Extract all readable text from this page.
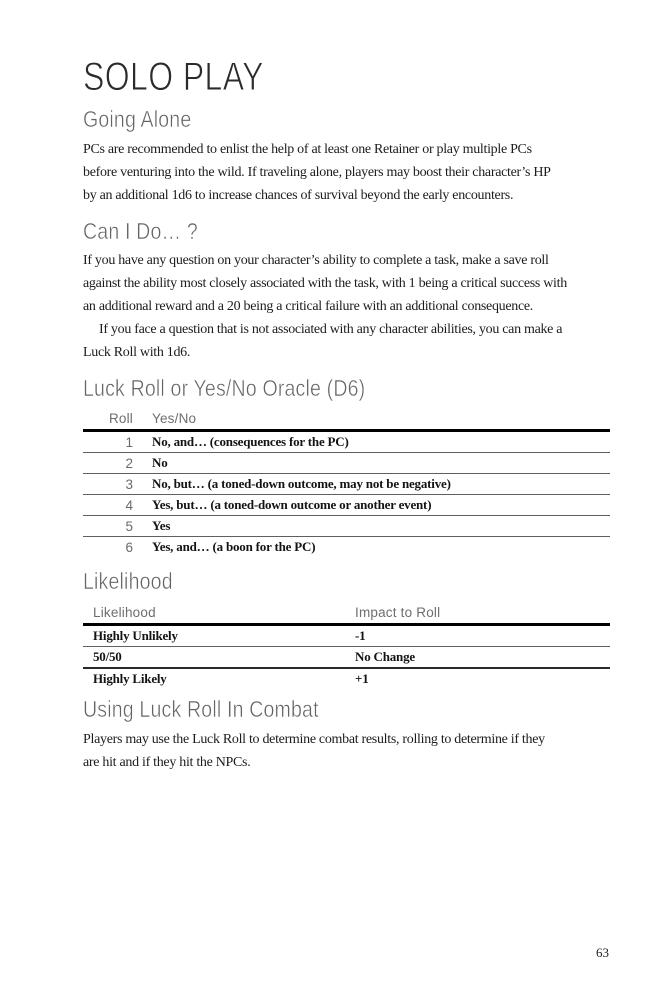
SOLO PLAY
Going Alone
PCs are recommended to enlist the help of at least one Retainer or play multiple PCs
before venturing into the wild. If traveling alone, players may boost their character’s HP
by an additional 1d6 to increase chances of survival beyond the early encounters.
Can I Do… ?
If you have any question on your character’s ability to complete a task, make a save roll
against the ability most closely associated with the task, with 1 being a critical success with
an additional reward and a 20 being a critical failure with an additional consequence.
If you face a question that is not associated with any character abilities, you can make a
Luck Roll with 1d6.
Luck Roll or Yes/No Oracle (D6)
Roll	Yes/No
1	No, and… (consequences for the PC)
2	No
3	No, but… (a toned-down outcome, may not be negative)
4	Yes, but… (a toned-down outcome or another event)
5	Yes
6	Yes, and… (a boon for the PC)
Likelihood
Likelihood	Impact to Roll
Highly Unlikely	-1
50/50	No Change
Highly Likely	+1
Using Luck Roll In Combat
Players may use the Luck Roll to determine combat results, rolling to determine if they
are hit and if they hit the NPCs.
63
